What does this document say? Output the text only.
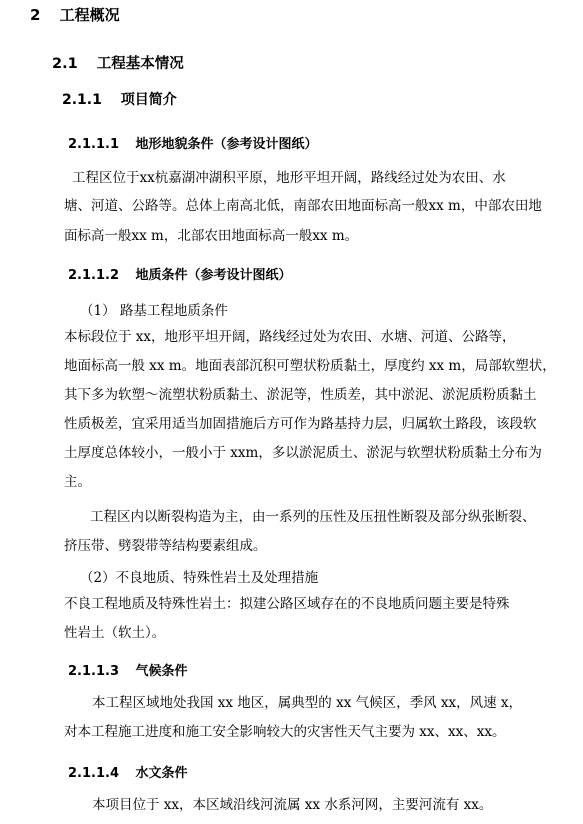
2 工程概况
2.1 工程基本情况
2.1.1 项目简介
2.1.1.1 地形地貌条件（参考设计图纸）
工程区位于xx杭嘉湖冲湖积平原，地形平坦开阔，路线经过处为农田、水
塘、河道、公路等。总体上南高北低，南部农田地面标高一般xx m，中部农田地
面标高一般xx m，北部农田地面标高一般xx m。
2.1.1.2 地质条件（参考设计图纸）
（1） 路基工程地质条件
本标段位于 xx，地形平坦开阔，路线经过处为农田、水塘、河道、公路等，
地面标高一般 xx m。地面表部沉积可塑状粉质黏土，厚度约 xx m，局部软塑状，
其下多为软塑～流塑状粉质黏土、淤泥等，性质差，其中淤泥、淤泥质粉质黏土
性质极差，宜采用适当加固措施后方可作为路基持力层，归属软土路段，该段软
土厚度总体较小，一般小于 xxm，多以淤泥质土、淤泥与软塑状粉质黏土分布为
主。
工程区内以断裂构造为主，由一系列的压性及压扭性断裂及部分纵张断裂、
挤压带、劈裂带等结构要素组成。
（2）不良地质、特殊性岩土及处理措施
不良工程地质及特殊性岩土：拟建公路区域存在的不良地质问题主要是特殊
性岩土（软土）。
2.1.1.3 气候条件
本工程区域地处我国 xx 地区，属典型的 xx 气候区，季风 xx，风速 x，
对本工程施工进度和施工安全影响较大的灾害性天气主要为 xx、xx、xx。
2.1.1.4 水文条件
本项目位于 xx，本区域沿线河流属 xx 水系河网，主要河流有 xx。
